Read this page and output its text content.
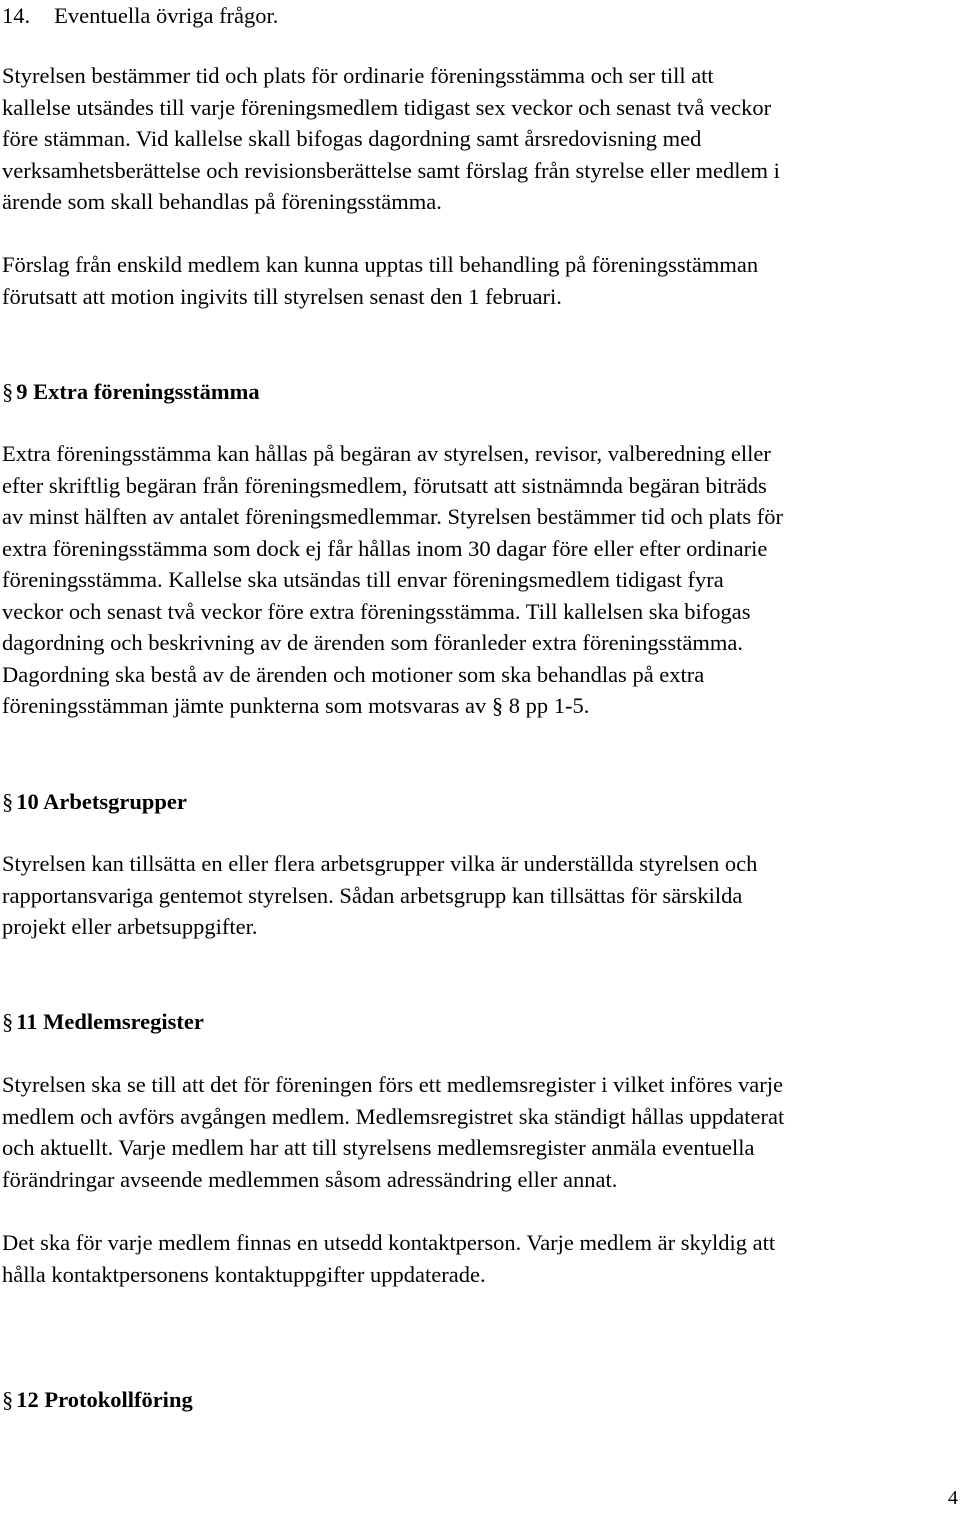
14. Eventuella övriga frågor.

Styrelsen bestämmer tid och plats för ordinarie föreningsstämma och ser till att
kallelse utsändes till varje föreningsmedlem tidigast sex veckor och senast två veckor
före stämman. Vid kallelse skall bifogas dagordning samt årsredovisning med
verksamhetsberättelse och revisionsberättelse samt förslag från styrelse eller medlem i
ärende som skall behandlas på föreningsstämma.

Förslag från enskild medlem kan kunna upptas till behandling på föreningsstämman
förutsatt att motion ingivits till styrelsen senast den 1 februari.

§ 9 Extra föreningsstämma

Extra föreningsstämma kan hållas på begäran av styrelsen, revisor, valberedning eller
efter skriftlig begäran från föreningsmedlem, förutsatt att sistnämnda begäran biträds
av minst hälften av antalet föreningsmedlemmar. Styrelsen bestämmer tid och plats för
extra föreningsstämma som dock ej får hållas inom 30 dagar före eller efter ordinarie
föreningsstämma. Kallelse ska utsändas till envar föreningsmedlem tidigast fyra
veckor och senast två veckor före extra föreningsstämma. Till kallelsen ska bifogas
dagordning och beskrivning av de ärenden som föranleder extra föreningsstämma.
Dagordning ska bestå av de ärenden och motioner som ska behandlas på extra
föreningsstämman jämte punkterna som motsvaras av § 8 pp 1-5.

§ 10 Arbetsgrupper

Styrelsen kan tillsätta en eller flera arbetsgrupper vilka är underställda styrelsen och
rapportansvariga gentemot styrelsen. Sådan arbetsgrupp kan tillsättas för särskilda
projekt eller arbetsuppgifter.

§ 11 Medlemsregister

Styrelsen ska se till att det för föreningen förs ett medlemsregister i vilket införes varje
medlem och avförs avgången medlem. Medlemsregistret ska ständigt hållas uppdaterat
och aktuellt. Varje medlem har att till styrelsens medlemsregister anmäla eventuella
förändringar avseende medlemmen såsom adressändring eller annat.

Det ska för varje medlem finnas en utsedd kontaktperson. Varje medlem är skyldig att
hålla kontaktpersonens kontaktuppgifter uppdaterade.

§ 12 Protokollföring

4
